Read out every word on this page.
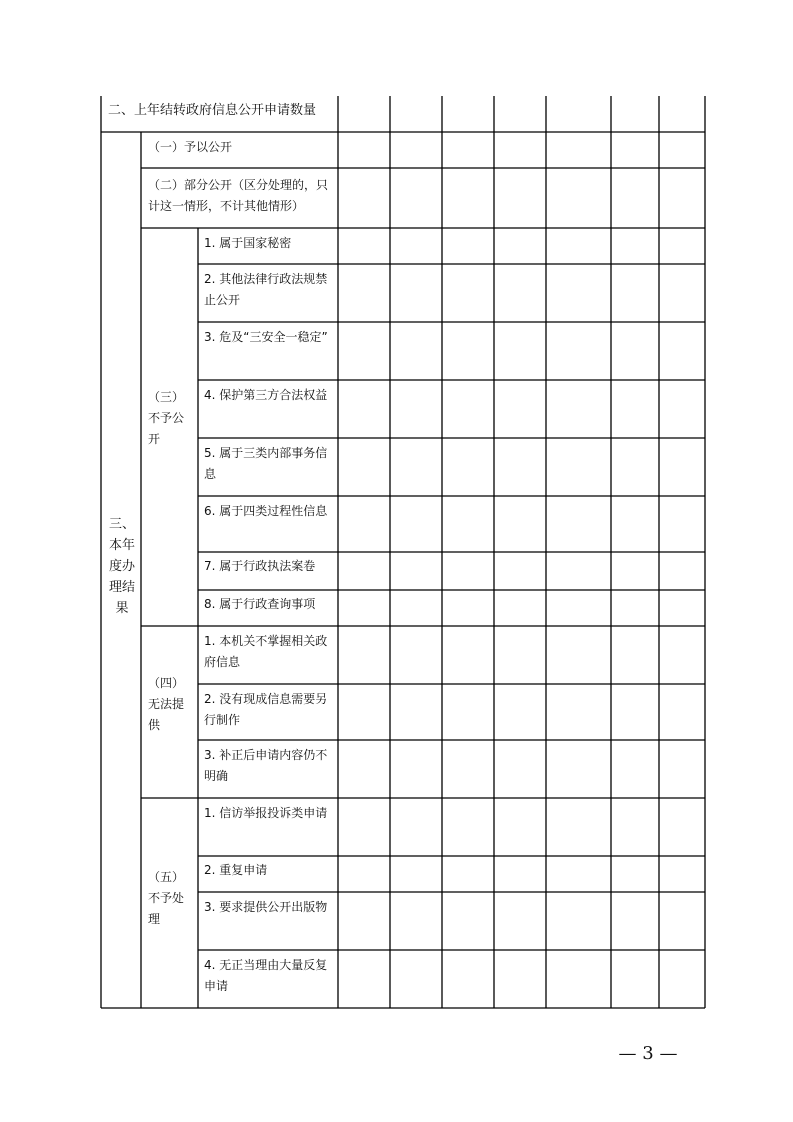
二、上年结转政府信息公开申请数量
三、本年度办理结果
（一）予以公开
（二）部分公开（区分处理的，只计这一情形，不计其他情形）
（三）不予公开
1. 属于国家秘密
2. 其他法律行政法规禁止公开
3. 危及“三安全一稳定”
4. 保护第三方合法权益
5. 属于三类内部事务信息
6. 属于四类过程性信息
7. 属于行政执法案卷
8. 属于行政查询事项
（四）无法提供
1. 本机关不掌握相关政府信息
2. 没有现成信息需要另行制作
3. 补正后申请内容仍不明确
（五）不予处理
1. 信访举报投诉类申请
2. 重复申请
3. 要求提供公开出版物
4. 无正当理由大量反复申请
— 3 —
